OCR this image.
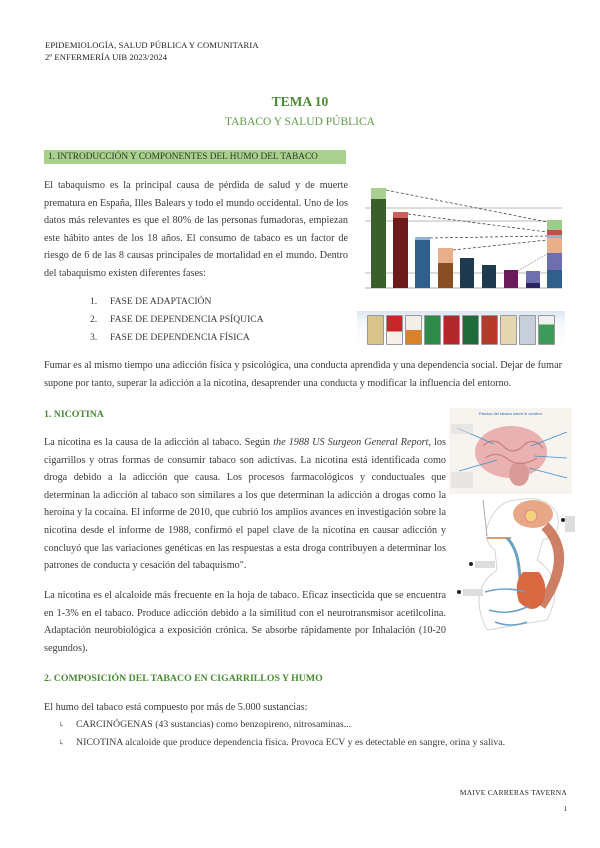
EPIDEMIOLOGÍA, SALUD PÚBLICA Y COMUNITARIA
2º ENFERMERÍA UIB 2023/2024
TEMA 10
TABACO Y SALUD PÚBLICA
1. INTRODUCCIÓN Y COMPONENTES DEL HUMO DEL TABACO

El tabaquismo es la principal causa de pérdida de salud y de muerte prematura en España, Illes Balears y todo el mundo occidental. Uno de los datos más relevantes es que el 80% de las personas fumadoras, empiezan este hábito antes de los 18 años. El consumo de tabaco es un factor de riesgo de 6 de las 8 causas principales de mortalidad en el mundo. Dentro del tabaquismo existen diferentes fases:

1. FASE DE ADAPTACIÓN
2. FASE DE DEPENDENCIA PSÍQUICA
3. FASE DE DEPENDENCIA FÍSICA

Fumar es al mismo tiempo una adicción física y psicológica, una conducta aprendida y una dependencia social. Dejar de fumar supone por tanto, superar la adicción a la nicotina, desaprender una conducta y modificar la influencia del entorno.

1. NICOTINA

La nicotina es la causa de la adicción al tabaco. Según the 1988 US Surgeon General Report, los cigarrillos y otras formas de consumir tabaco son adictivas. La nicotina está identificada como droga debido a la adicción que causa. Los procesos farmacológicos y conductuales que determinan la adicción al tabaco son similares a los que determinan la adicción a drogas como la heroína y la cocaína. El informe de 2010, que cubrió los amplios avances en investigación sobre la nicotina desde el informe de 1988, confirmó el papel clave de la nicotina en causar adicción y concluyó que las variaciones genéticas en las respuestas a esta droga contribuyen a determinar los patrones de conducta y cesación del tabaquismo".

La nicotina es el alcaloide más frecuente en la hoja de tabaco. Eficaz insecticida que se encuentra en 1-3% en el tabaco. Produce adicción debido a la similitud con el neurotransmisor acetilcolina. Adaptación neurobiológica a exposición crónica. Se absorbe rápidamente por Inhalación (10-20 segundos).

Efectos del tabaco sobre el cerebro
2. COMPOSICIÓN DEL TABACO EN CIGARRILLOS Y HUMO

El humo del tabaco está compuesto por más de 5.000 sustancias:

↳ CARCINÓGENAS (43 sustancias) como benzopireno, nitrosaminas...
↳ NICOTINA alcaloide que produce dependencia física. Provoca ECV y es detectable en sangre, orina y saliva.
MAIVE CARRERAS TAVERNA
1
